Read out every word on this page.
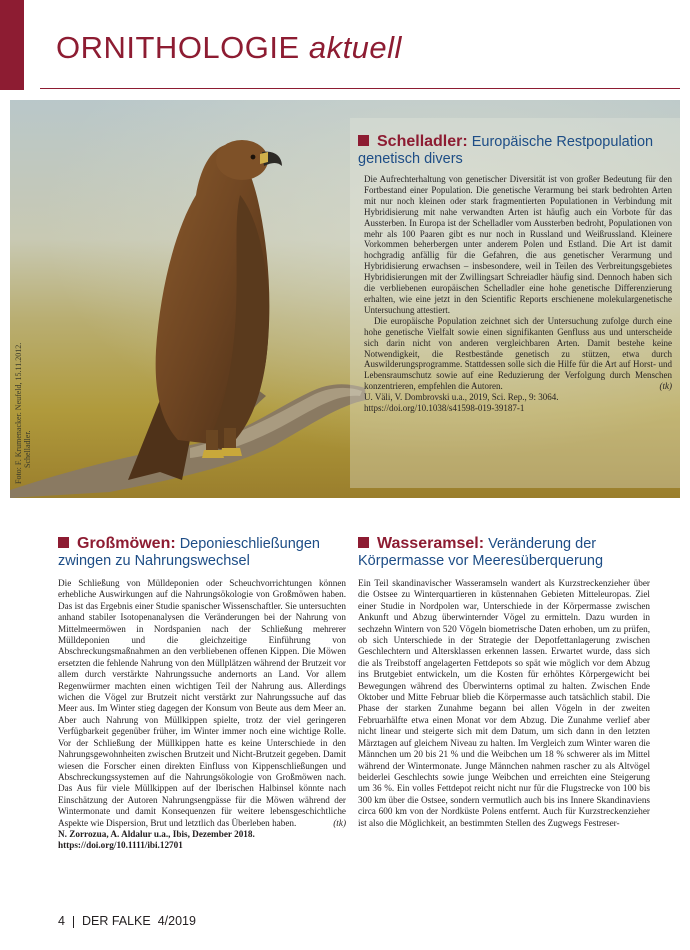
ORNITHOLOGIE aktuell
Foto: F. Krumenacker. Neufeld, 15.11.2012. Schelladler.
Schelladler: Europäische Restpopulation genetisch divers

Die Aufrechterhaltung von genetischer Diversität ist von großer Bedeutung für den Fortbestand einer Population. Die genetische Verarmung bei stark bedrohten Arten mit nur noch kleinen oder stark fragmentierten Populationen in Verbindung mit Hybridisierung mit nahe verwandten Arten ist häufig auch ein Vorbote für das Aussterben. In Europa ist der Schelladler vom Aussterben bedroht, Populationen von mehr als 100 Paaren gibt es nur noch in Russland und Weißrussland. Kleinere Vorkommen beherbergen unter anderem Polen und Estland. Die Art ist damit hochgradig anfällig für die Gefahren, die aus genetischer Verarmung und Hybridisierung erwachsen – insbesondere, weil in Teilen des Verbreitungsgebietes Hybridisierungen mit der Zwillingsart Schreiadler häufig sind. Dennoch haben sich die verbliebenen europäischen Schelladler eine hohe genetische Differenzierung erhalten, wie eine jetzt in den Scientific Reports erschienene molekulargenetische Untersuchung attestiert.

Die europäische Population zeichnet sich der Untersuchung zufolge durch eine hohe genetische Vielfalt sowie einen signifikanten Genfluss aus und unterscheide sich darin nicht von anderen vergleichbaren Arten. Damit bestehe keine Notwendigkeit, die Restbestände genetisch zu stützen, etwa durch Auswilderungsprogramme. Stattdessen solle sich die Hilfe für die Art auf Horst- und Lebensraumschutz sowie auf eine Reduzierung der Verfolgung durch Menschen konzentrieren, empfehlen die Autoren.	(tk)

U. Väli, V. Dombrovski u.a., 2019, Sci. Rep., 9: 3064.

https://doi.org/10.1038/s41598-019-39187-1

Großmöwen: Deponieschließungen zwingen zu Nahrungswechsel

Die Schließung von Mülldeponien oder Scheuchvorrichtungen können erhebliche Auswirkungen auf die Nahrungsökologie von Großmöwen haben. Das ist das Ergebnis einer Studie spanischer Wissenschaftler. Sie untersuchten anhand stabiler Isotopenanalysen die Veränderungen bei der Nahrung von Mittelmeermöwen in Nordspanien nach der Schließung mehrerer Mülldeponien und die gleichzeitige Einführung von Abschreckungsmaßnahmen an den verbliebenen offenen Kippen. Die Möwen ersetzten die fehlende Nahrung von den Müllplätzen während der Brutzeit vor allem durch verstärkte Nahrungssuche andernorts an Land. Vor allem Regenwürmer machten einen wichtigen Teil der Nahrung aus. Allerdings wichen die Vögel zur Brutzeit nicht verstärkt zur Nahrungssuche auf das Meer aus. Im Winter stieg dagegen der Konsum von Beute aus dem Meer an. Aber auch Nahrung von Müllkippen spielte, trotz der viel geringeren Verfügbarkeit gegenüber früher, im Winter immer noch eine wichtige Rolle. Vor der Schließung der Müllkippen hatte es keine Unterschiede in den Nahrungsgewohnheiten zwischen Brutzeit und Nicht-Brutzeit gegeben. Damit wiesen die Forscher einen direkten Einfluss von Kippenschließungen und Abschreckungssystemen auf die Nahrungsökologie von Großmöwen nach. Das Aus für viele Müllkippen auf der Iberischen Halbinsel könnte nach Einschätzung der Autoren Nahrungsengpässe für die Möwen während der Wintermonate und damit Konsequenzen für weitere lebensgeschichtliche Aspekte wie Dispersion, Brut und letztlich das Überleben haben.	(tk)

N. Zorrozua, A. Aldalur u.a., Ibis, Dezember 2018.

https://doi.org/10.1111/ibi.12701

Wasseramsel: Veränderung der Körpermasse vor Meeresüberquerung

Ein Teil skandinavischer Wasseramseln wandert als Kurzstreckenzieher über die Ostsee zu Winterquartieren in küstennahen Gebieten Mitteleuropas. Ziel einer Studie in Nordpolen war, Unterschiede in der Körpermasse zwischen Ankunft und Abzug überwinternder Vögel zu ermitteln. Dazu wurden in sechzehn Wintern von 520 Vögeln biometrische Daten erhoben, um zu prüfen, ob sich Unterschiede in der Strategie der Depotfettanlagerung zwischen Geschlechtern und Altersklassen erkennen lassen. Erwartet wurde, dass sich die als Treibstoff angelagerten Fettdepots so spät wie möglich vor dem Abzug ins Brutgebiet entwickeln, um die Kosten für erhöhtes Körpergewicht bei Bewegungen während des Überwinterns optimal zu halten. Zwischen Ende Oktober und Mitte Februar blieb die Körpermasse auch tatsächlich stabil. Die Phase der starken Zunahme begann bei allen Vögeln in der zweiten Februarhälfte etwa einen Monat vor dem Abzug. Die Zunahme verlief aber nicht linear und steigerte sich mit dem Datum, um sich dann in den letzten Märztagen auf gleichem Niveau zu halten. Im Vergleich zum Winter waren die Männchen um 20 bis 21 % und die Weibchen um 18 % schwerer als im Mittel während der Wintermonate. Junge Männchen nahmen rascher zu als Altvögel beiderlei Geschlechts sowie junge Weibchen und erreichten eine Steigerung um 36 %. Ein volles Fettdepot reicht nicht nur für die Flugstrecke von 100 bis 300 km über die Ostsee, sondern vermutlich auch bis ins Innere Skandinaviens circa 600 km von der Nordküste Polens entfernt. Auch für Kurzstreckenzieher ist also die Möglichkeit, an bestimmten Stellen des Zugwegs Festreser-

4 DER FALKE 4/2019
